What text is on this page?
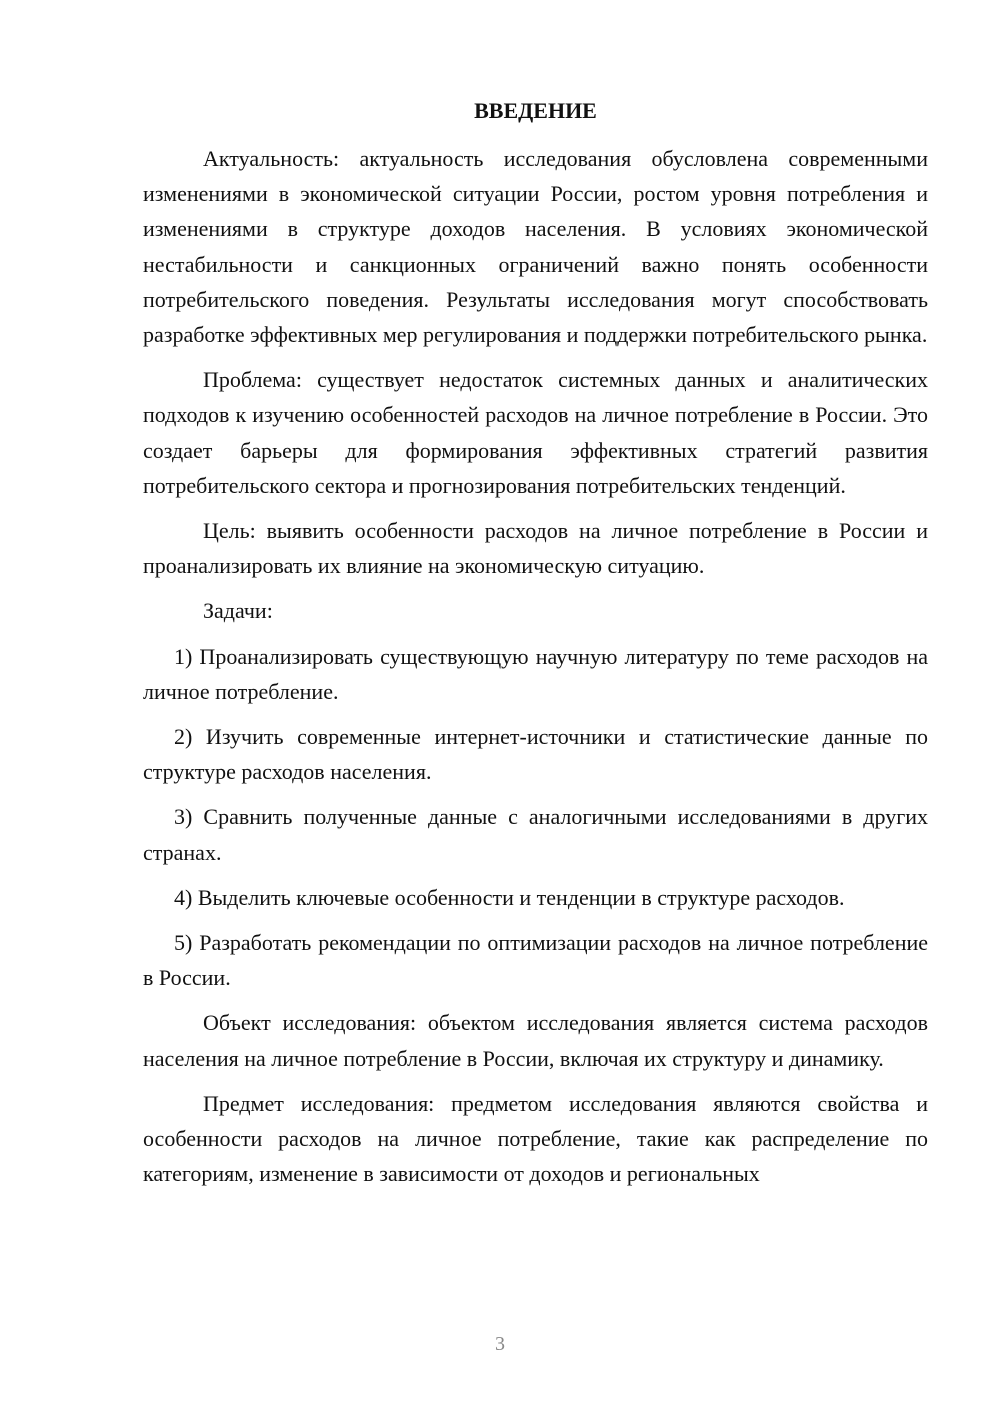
ВВЕДЕНИЕ

Актуальность: актуальность исследования обусловлена современными изменениями в экономической ситуации России, ростом уровня потребления и изменениями в структуре доходов населения. В условиях экономической нестабильности и санкционных ограничений важно понять особенности потребительского поведения. Результаты исследования могут способствовать разработке эффективных мер регулирования и поддержки потребительского рынка.

Проблема: существует недостаток системных данных и аналитических подходов к изучению особенностей расходов на личное потребление в России. Это создает барьеры для формирования эффективных стратегий развития потребительского сектора и прогнозирования потребительских тенденций.

Цель: выявить особенности расходов на личное потребление в России и проанализировать их влияние на экономическую ситуацию.

Задачи:

1) Проанализировать существующую научную литературу по теме расходов на личное потребление.

2) Изучить современные интернет-источники и статистические данные по структуре расходов населения.

3) Сравнить полученные данные с аналогичными исследованиями в других странах.

4) Выделить ключевые особенности и тенденции в структуре расходов.

5) Разработать рекомендации по оптимизации расходов на личное потребление в России.

Объект исследования: объектом исследования является система расходов населения на личное потребление в России, включая их структуру и динамику.

Предмет исследования: предметом исследования являются свойства и особенности расходов на личное потребление, такие как распределение по категориям, изменение в зависимости от доходов и региональных

3
